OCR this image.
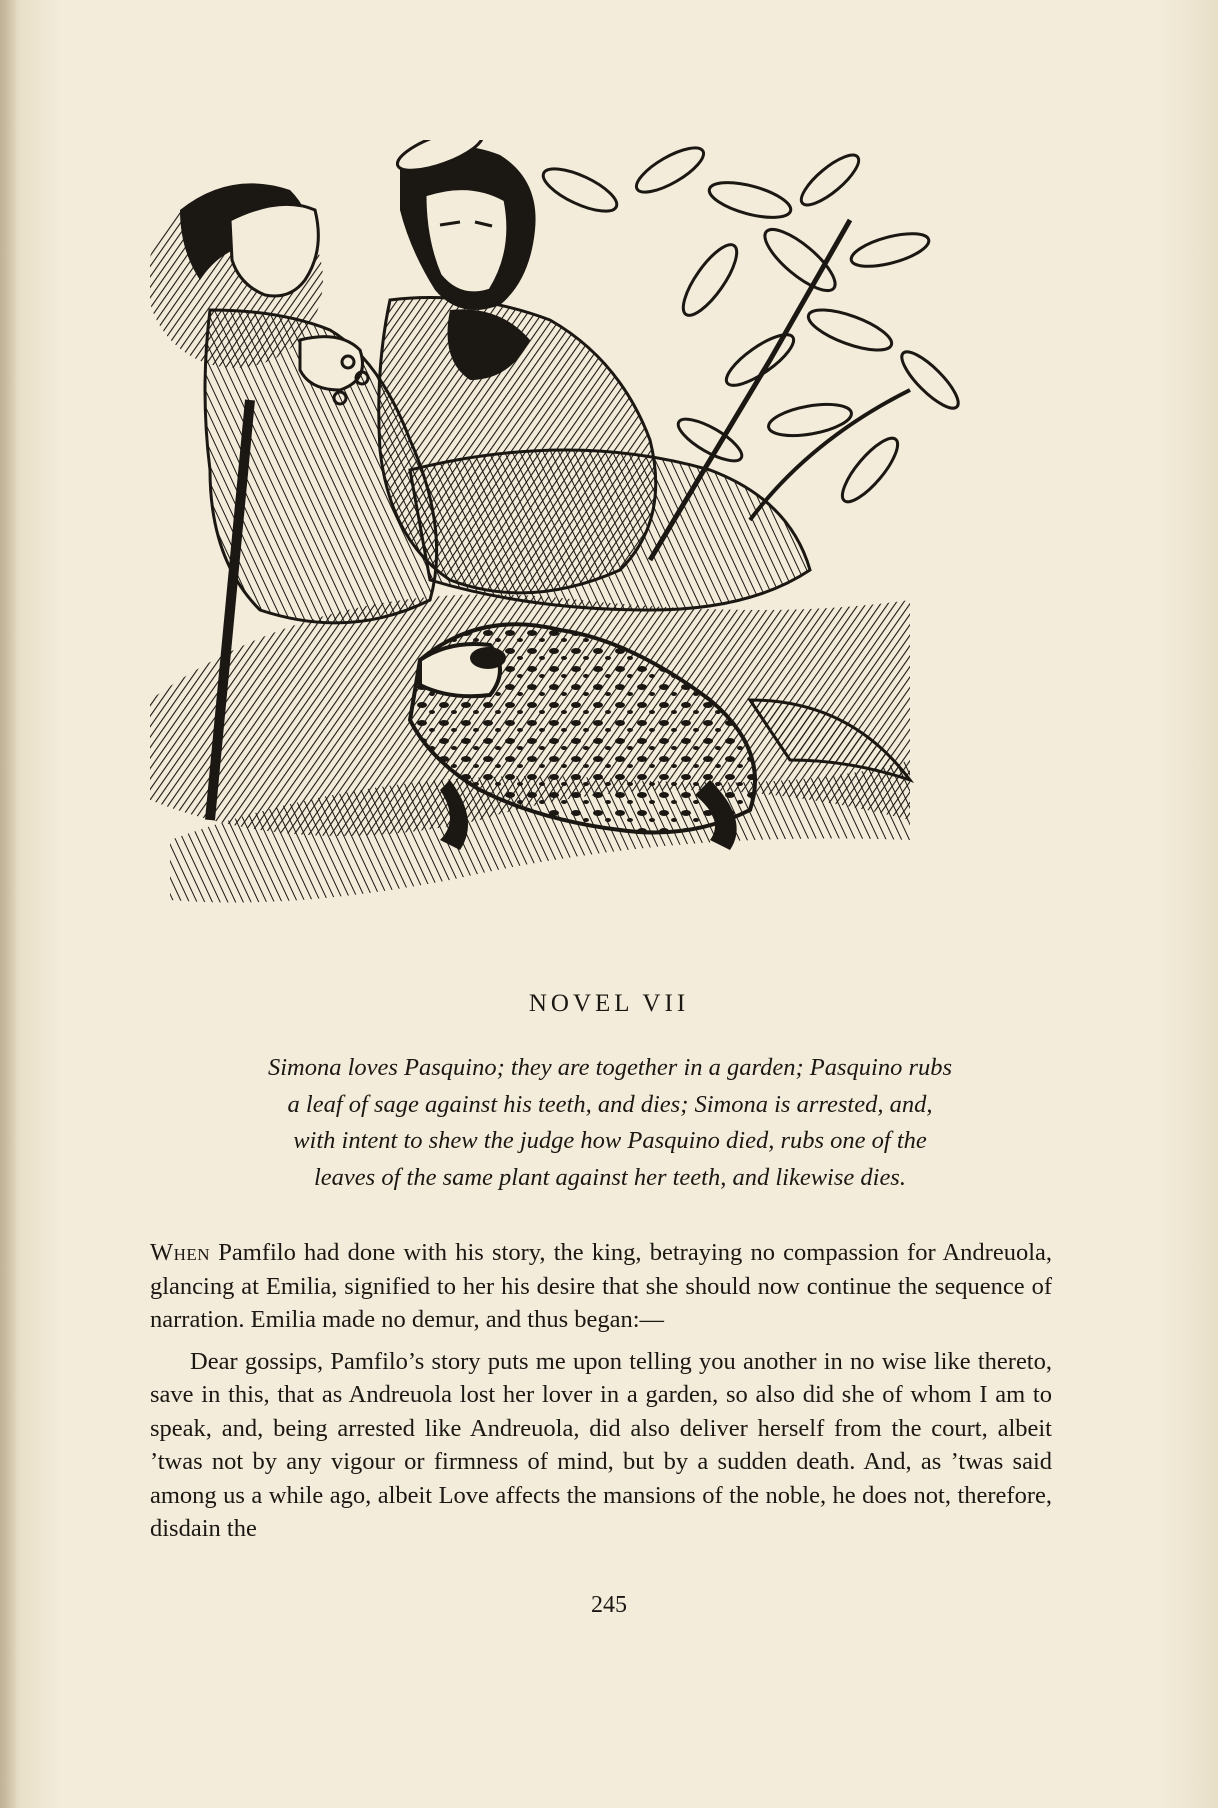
NOVEL VII

Simona loves Pasquino; they are together in a garden; Pasquino rubs

a leaf of sage against his teeth, and dies; Simona is arrested, and,

with intent to shew the judge how Pasquino died, rubs one of the

leaves of the same plant against her teeth, and likewise dies.

When Pamfilo had done with his story, the king, betraying no compassion for Andreuola, glancing at Emilia, signified to her his desire that she should now continue the sequence of narration. Emilia made no demur, and thus began:—

Dear gossips, Pamfilo’s story puts me upon telling you another in no wise like thereto, save in this, that as Andreuola lost her lover in a garden, so also did she of whom I am to speak, and, being arrested like Andreuola, did also deliver herself from the court, albeit ’twas not by any vigour or firmness of mind, but by a sudden death. And, as ’twas said among us a while ago, albeit Love affects the mansions of the noble, he does not, therefore, disdain the

245
